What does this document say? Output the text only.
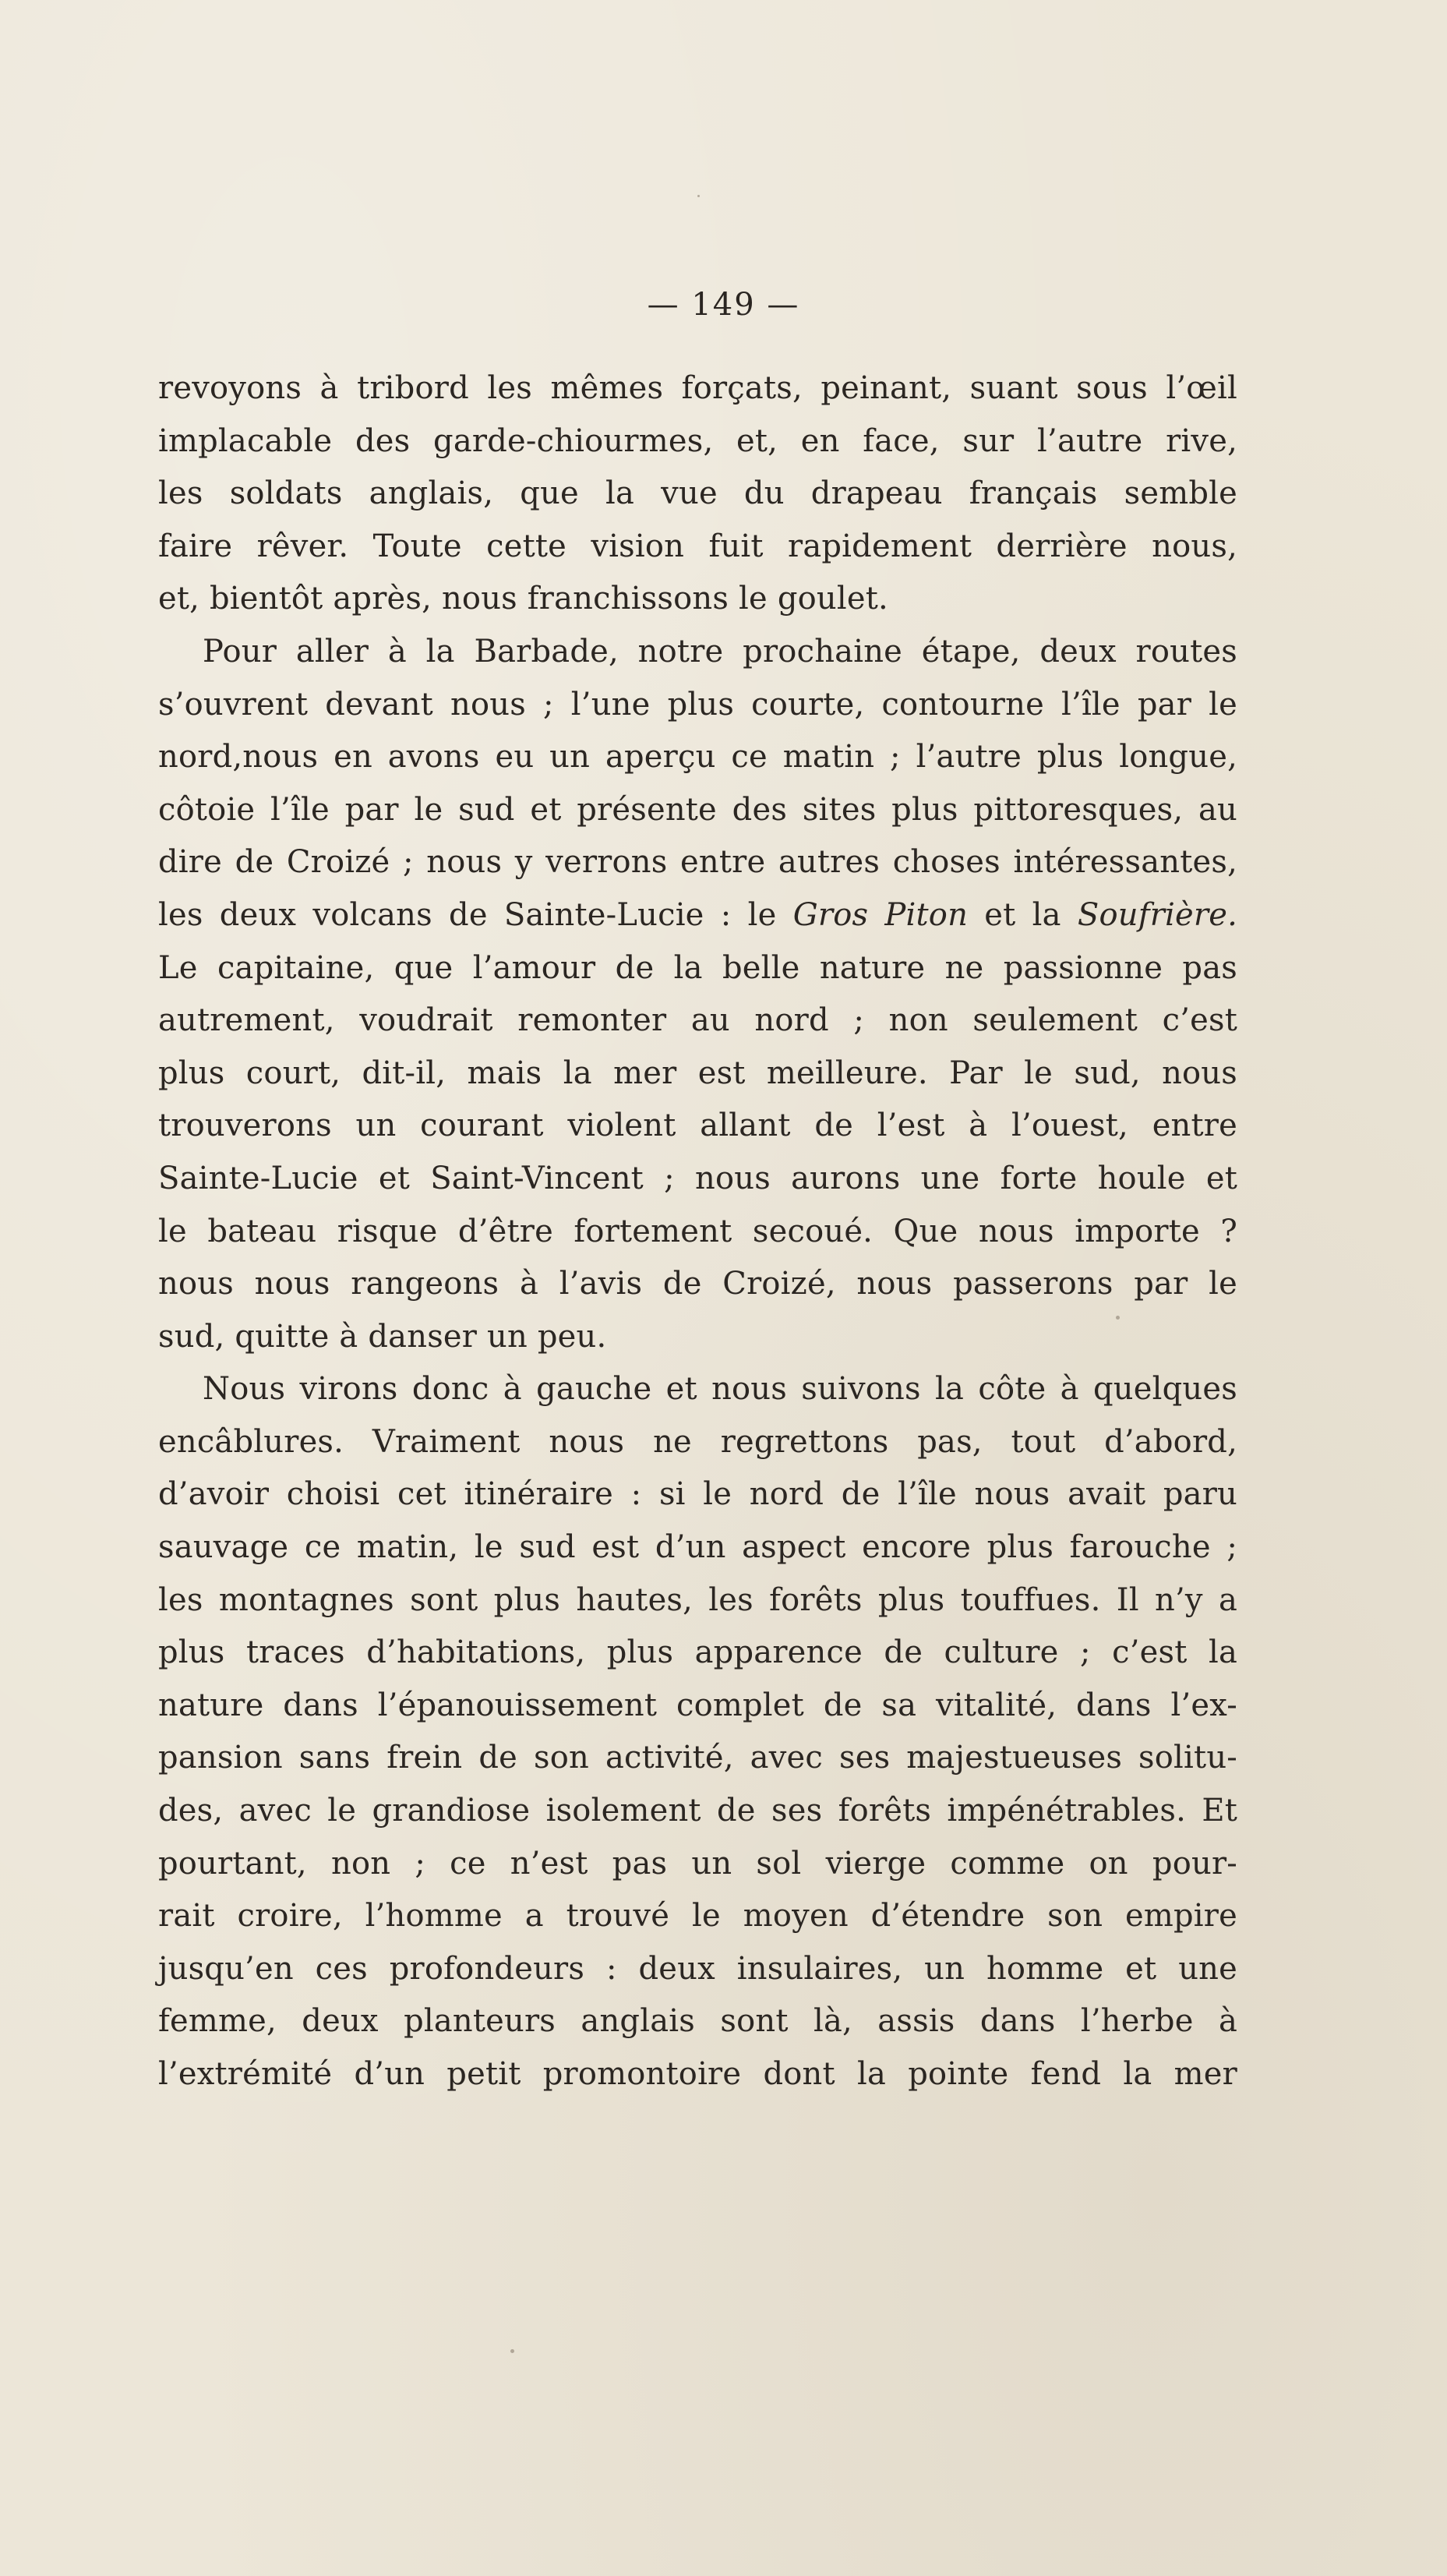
— 149 —
revoyons à tribord les mêmes forçats, peinant, suant sous l’œil
implacable des garde-chiourmes, et, en face, sur l’autre rive,
les soldats anglais, que la vue du drapeau français semble
faire rêver. Toute cette vision fuit rapidement derrière nous,
et, bientôt après, nous franchissons le goulet.
Pour aller à la Barbade, notre prochaine étape, deux routes
s’ouvrent devant nous ; l’une plus courte, contourne l’île par le
nord,nous en avons eu un aperçu ce matin ; l’autre plus longue,
côtoie l’île par le sud et présente des sites plus pittoresques, au
dire de Croizé ; nous y verrons entre autres choses intéressantes,
les deux volcans de Sainte-Lucie : le Gros Piton et la Soufrière.
Le capitaine, que l’amour de la belle nature ne passionne pas
autrement, voudrait remonter au nord ; non seulement c’est
plus court, dit-il, mais la mer est meilleure. Par le sud, nous
trouverons un courant violent allant de l’est à l’ouest, entre
Sainte-Lucie et Saint-Vincent ; nous aurons une forte houle et
le bateau risque d’être fortement secoué. Que nous importe ?
nous nous rangeons à l’avis de Croizé, nous passerons par le
sud, quitte à danser un peu.
Nous virons donc à gauche et nous suivons la côte à quelques
encâblures. Vraiment nous ne regrettons pas, tout d’abord,
d’avoir choisi cet itinéraire : si le nord de l’île nous avait paru
sauvage ce matin, le sud est d’un aspect encore plus farouche ;
les montagnes sont plus hautes, les forêts plus touffues. Il n’y a
plus traces d’habitations, plus apparence de culture ; c’est la
nature dans l’épanouissement complet de sa vitalité, dans l’ex-
pansion sans frein de son activité, avec ses majestueuses solitu-
des, avec le grandiose isolement de ses forêts impénétrables. Et
pourtant, non ; ce n’est pas un sol vierge comme on pour-
rait croire, l’homme a trouvé le moyen d’étendre son empire
jusqu’en ces profondeurs : deux insulaires, un homme et une
femme, deux planteurs anglais sont là, assis dans l’herbe à
l’extrémité d’un petit promontoire dont la pointe fend la mer
